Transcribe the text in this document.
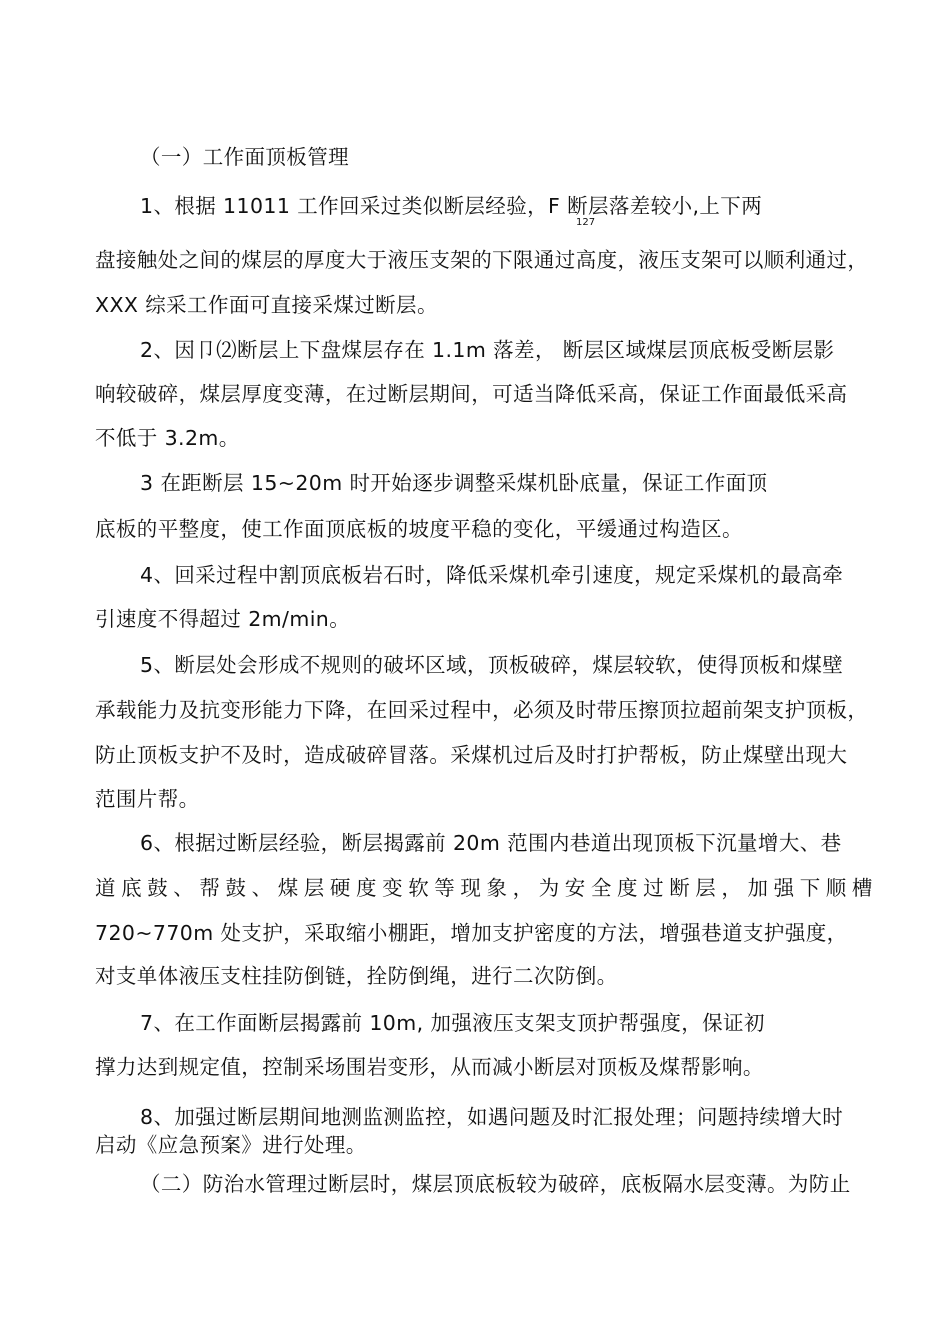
（一）工作面顶板管理
1、根据 11011 工作回采过类似断层经验，F 断层落差较小,上下两
127
盘接触处之间的煤层的厚度大于液压支架的下限通过高度，液压支架可以顺利通过，
XXX 综采工作面可直接采煤过断层。
2、因卩⑵断层上下盘煤层存在 1.1m 落差， 断层区域煤层顶底板受断层影
响较破碎，煤层厚度变薄，在过断层期间，可适当降低采高，保证工作面最低采高
不低于 3.2m。
3 在距断层 15~20m 时开始逐步调整采煤机卧底量，保证工作面顶
底板的平整度，使工作面顶底板的坡度平稳的变化，平缓通过构造区。
4、回采过程中割顶底板岩石时，降低采煤机牵引速度，规定采煤机的最高牵
引速度不得超过 2m/min。
5、断层处会形成不规则的破坏区域，顶板破碎，煤层较软，使得顶板和煤壁
承载能力及抗变形能力下降，在回采过程中，必须及时带压擦顶拉超前架支护顶板，
防止顶板支护不及时，造成破碎冒落。采煤机过后及时打护帮板，防止煤壁出现大
范围片帮。
6、根据过断层经验，断层揭露前 20m 范围内巷道出现顶板下沉量增大、巷
道底鼓、帮鼓、煤层硬度变软等现象，为安全度过断层，加强下顺槽
720~770m 处支护，采取缩小棚距，增加支护密度的方法，增强巷道支护强度，
对支单体液压支柱挂防倒链，拴防倒绳，进行二次防倒。
7、在工作面断层揭露前 10m, 加强液压支架支顶护帮强度，保证初
撑力达到规定值，控制采场围岩变形，从而减小断层对顶板及煤帮影响。
8、加强过断层期间地测监测监控，如遇问题及时汇报处理；问题持续增大时
启动《应急预案》进行处理。
（二）防治水管理过断层时，煤层顶底板较为破碎，底板隔水层变薄。为防止
